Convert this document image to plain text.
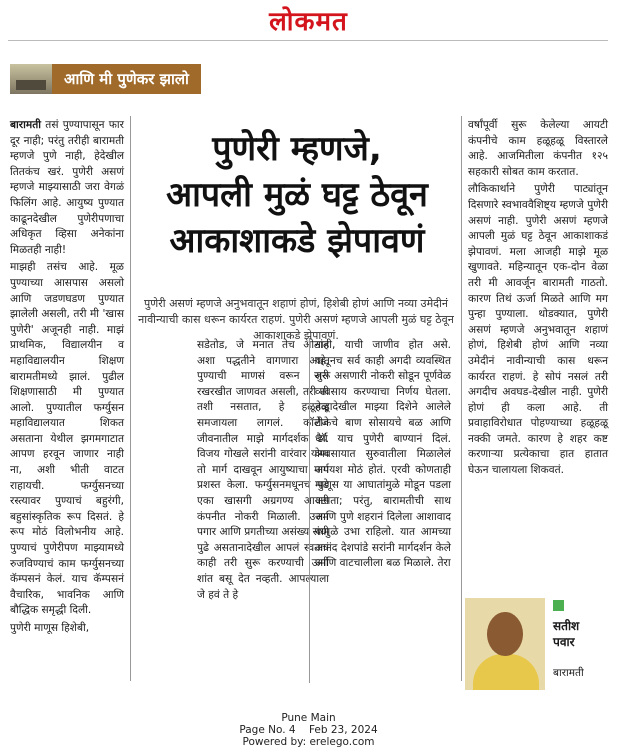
लोकमत
आणि मी पुणेकर झालो

बारामती तसं पुण्यापासून फार दूर नाही; परंतु तरीही बारामती म्हणजे पुणे नाही, हेदेखील तितकंच खरं. पुणेरी असणं म्हणजे माझ्यासाठी जरा वेगळं फिलिंग आहे. आयुष्य पुण्यात काढूनदेखील पुणेरीपणाचा अधिकृत व्हिसा अनेकांना मिळतही नाही!

माझही तसंच आहे. मूळ पुण्याच्या आसपास असलो आणि जडणघडण पुण्यात झालेली असली, तरी मी 'खास पुणेरी' अजूनही नाही. माझं प्राथमिक, विद्यालयीन व महाविद्यालयीन शिक्षण बारामतीमध्ये झालं. पुढील शिक्षणासाठी मी पुण्यात आलो. पुण्यातील फर्ग्युसन महाविद्यालयात शिकत असताना येथील झगमगाटात आपण हरवून जाणार नाही ना, अशी भीती वाटत राहायची. फर्ग्युसनच्या रस्त्यावर पुण्याचं बहुरंगी, बहुसांस्कृतिक रूप दिसतं. हे रूप मोठं विलोभनीय आहे. पुण्याचं पुणेरीपण माझ्यामध्ये रुजविण्याचं काम फर्ग्युसनच्या कॅम्पसनं केलं. याच कॅम्पसनं वैचारिक, भावनिक आणि बौद्धिक समृद्धी दिली.

पुणेरी माणूस हिशेबी,

पुणेरी म्हणजे,
आपली मुळं घट्ट ठेवून
आकाशाकडे झेपावणं
पुणेरी असणं म्हणजे अनुभवातून शहाणं होणं, हिशेबी होणं आणि नव्या उमेदीनं नावीन्याची कास धरून कार्यरत राहणं. पुणेरी असणं म्हणजे आपली मुळं घट्ट ठेवून आकाशाकडे झेपावणं.

सडेतोड, जे मनात तेच ओठांत अशा पद्धतीने वागणारा आहे. पुण्याची माणसं वरून जरी रखरखीत जाणवत असली, तरी ती तशी नसतात, हे हळूहळू समजायला लागलं. कॉलेज जीवनातील माझे मार्गदर्शक डॉ. विजय गोखले सरांनी वारंवार योग्य तो मार्ग दाखवून आयुष्याचा मार्ग प्रशस्त केला. फर्ग्युसनमधूनच पुढे एका खासगी अग्रगण्य आयटी कंपनीत नोकरी मिळाली. उत्तम पगार आणि प्रगतीच्या असंख्य संधी पुढे असतानादेखील आपलं स्वतःचं काही तरी सुरू करण्याची ऊर्मी शांत बसू देत नव्हती. आपल्याला जे हवं ते हे

नाही, याची जाणीव होत असे. यातूनच सर्व काही अगदी व्यवस्थित सुरू असणारी नोकरी सोडून पूर्णवेळ व्यवसाय करण्याचा निर्णय घेतला. तेव्हादेखील माझ्या दिशेने आलेले टीकेचे बाण सोसायचे बळ आणि धैर्य याच पुणेरी बाण्यानं दिलं. व्यवसायात सुरुवातीला मिळालेलं अपयश मोठं होतं. एरवी कोणताही माणूस या आघातांमुळे मोडून पडला असता; परंतु, बारामतीची साथ आणि पुणे शहरानं दिलेला आशावाद यामुळे उभा राहिलो. यात आमच्या आनंद देशपांडे सरांनी मार्गदर्शन केले आणि वाटचालीला बळ मिळाले. तेरा

वर्षांपूर्वी सुरू केलेल्या आयटी कंपनीचे काम हळूहळू विस्तारले आहे. आजमितीला कंपनीत १२५ सहकारी सोबत काम करतात.

लौकिकार्थाने पुणेरी पाट्यांतून दिसणारे स्वभाववैशिष्ट्य म्हणजे पुणेरी असणं नाही. पुणेरी असणं म्हणजे आपली मुळं घट्ट ठेवून आकाशाकडं झेपावणं. मला आजही माझे मूळ खुणावते. महिन्यातून एक-दोन वेळा तरी मी आवर्जून बारामती गाठतो. कारण तिथं ऊर्जा मिळते आणि मग पुन्हा पुण्याला. थोडक्यात, पुणेरी असणं म्हणजे अनुभवातून शहाणं होणं, हिशेबी होणं आणि नव्या उमेदीनं नावीन्याची कास धरून कार्यरत राहणं. हे सोपं नसलं तरी अगदीच अवघड-देखील नाही. पुणेरी होणं ही कला आहे. ती प्रवाहाविरोधात पोहण्याच्या हळूहळू नक्की जमते. कारण हे शहर कष्ट करणाऱ्या प्रत्येकाचा हात हातात घेऊन चालायला शिकवतं.

सतीश
पवार
बारामती
Pune Main
Page No. 4 Feb 23, 2024
Powered by: erelego.com
